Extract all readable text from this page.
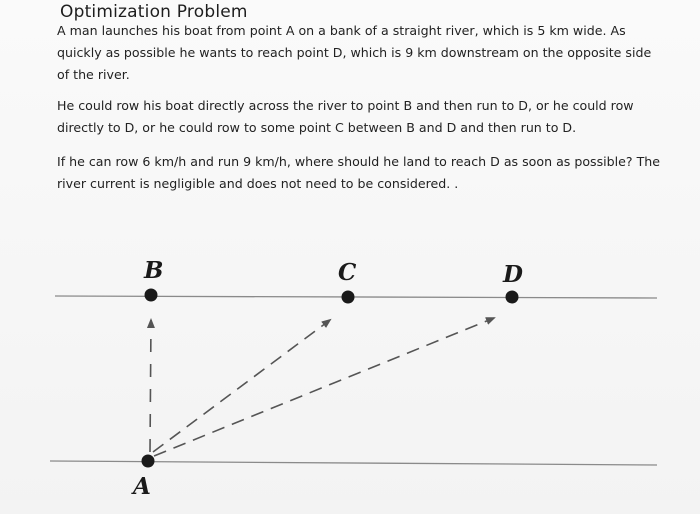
Optimization Problem
A man launches his boat from point A on a bank of a straight river, which is 5 km wide. As quickly as possible he wants to reach point D, which is 9 km downstream on the opposite side of the river.
He could row his boat directly across the river to point B and then run to D, or he could row directly to D, or he could row to some point C between B and D and then run to D.
If he can row 6 km/h and run 9 km/h, where should he land to reach D as soon as possible? The river current is negligible and does not need to be considered. .
B	C	D
A
